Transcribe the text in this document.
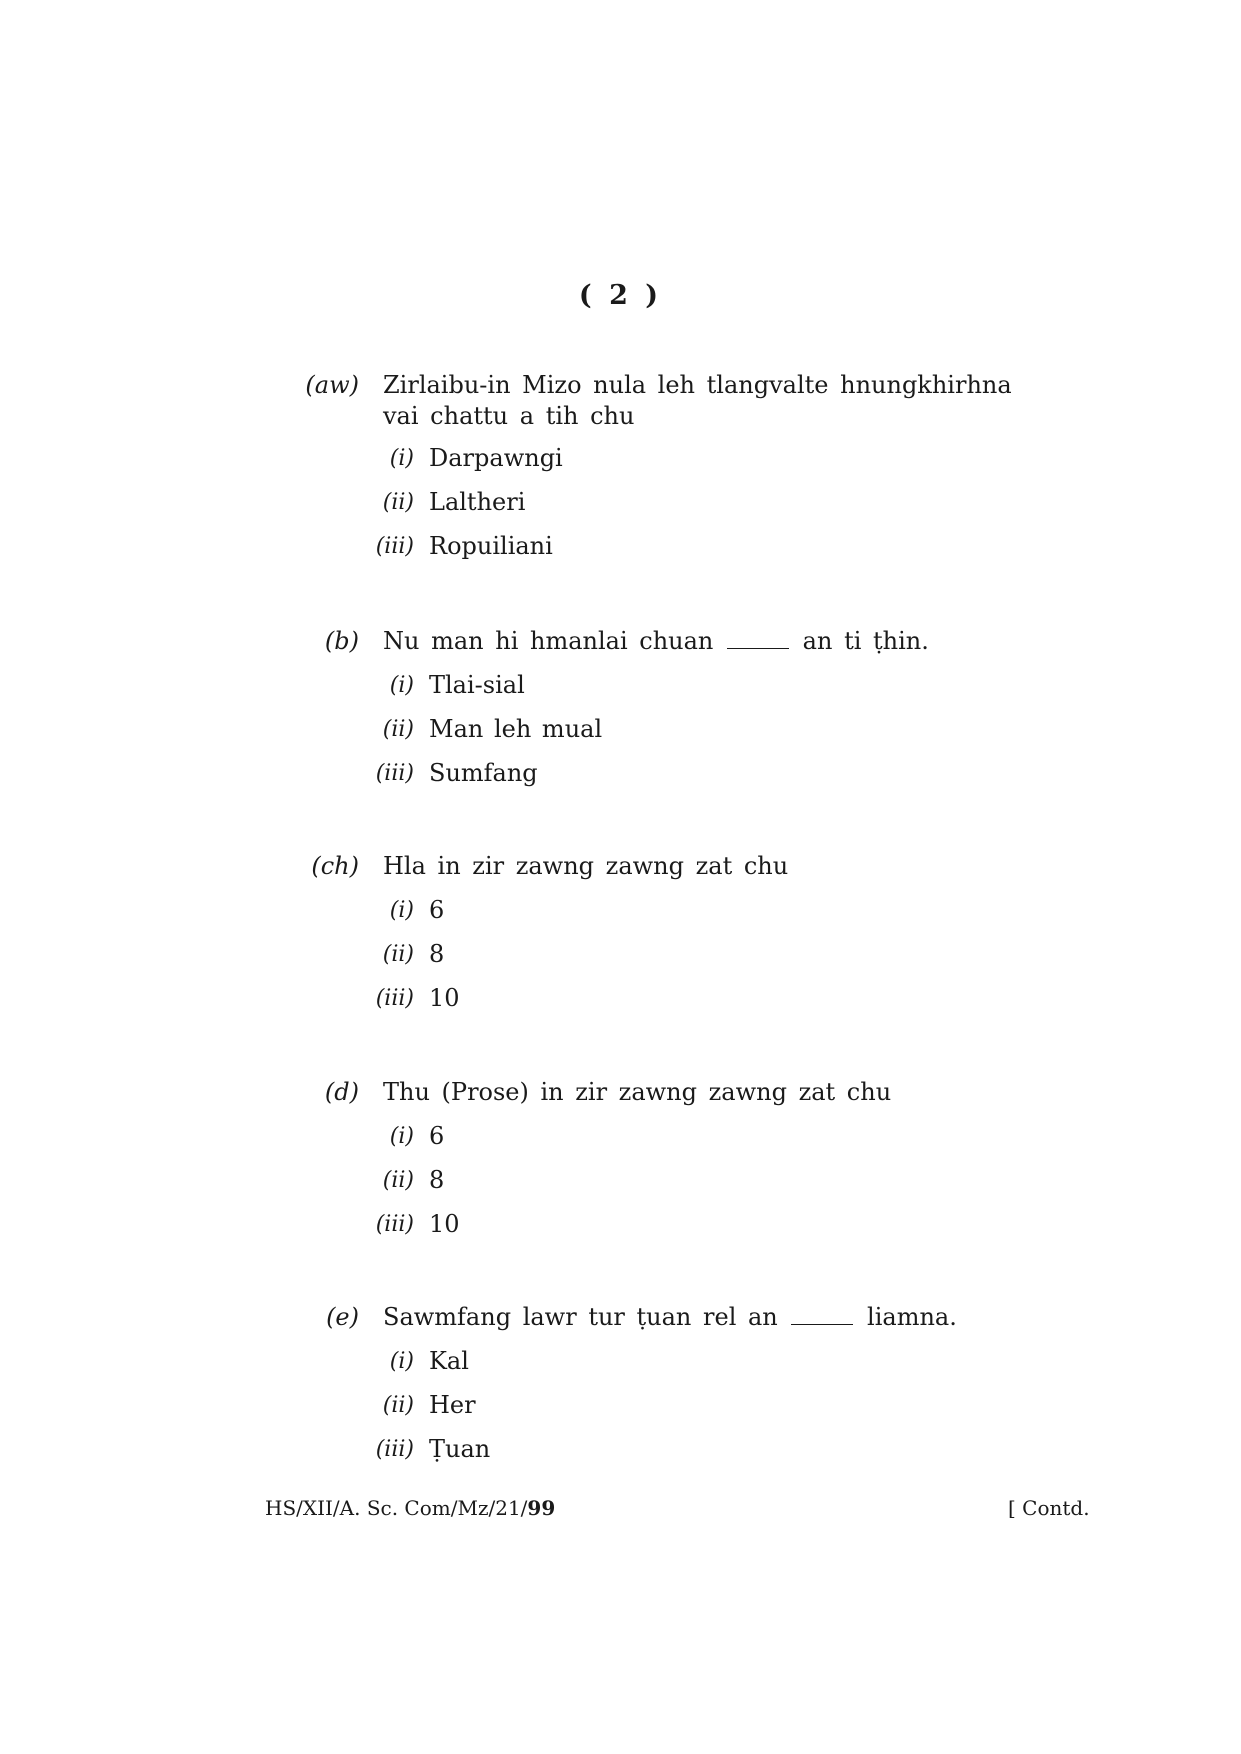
( 2 )
(aw) Zirlaibu-in Mizo nula leh tlangvalte hnungkhirhna vai chattu a tih chu
(i) Darpawngi
(ii) Laltheri
(iii) Ropuiliani
(b) Nu man hi hmanlai chuan	an ti ṭhin.
(i) Tlai-sial
(ii) Man leh mual
(iii) Sumfang
(ch) Hla in zir zawng zawng zat chu
(i) 6
(ii) 8
(iii) 10
(d) Thu (Prose) in zir zawng zawng zat chu
(i) 6
(ii) 8
(iii) 10
(e) Sawmfang lawr tur ṭuan rel an	liamna.
(i) Kal
(ii) Her
(iii) Ṭuan
HS/XII/A. Sc. Com/Mz/21/99	[ Contd.
